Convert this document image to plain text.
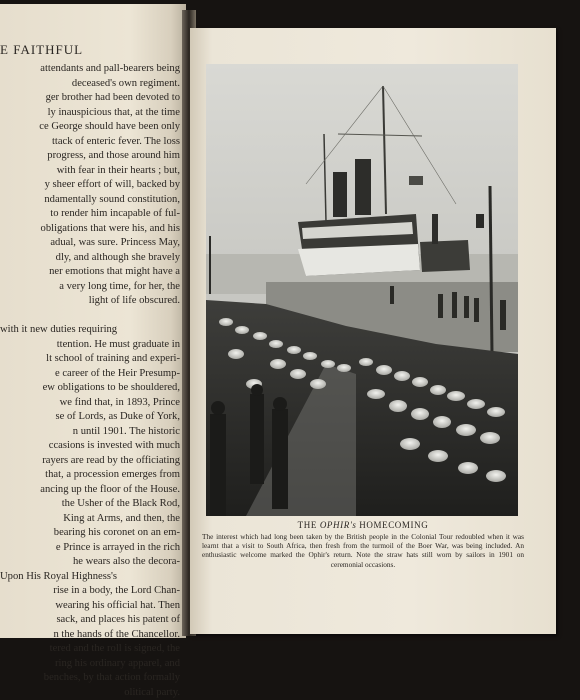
E FAITHFUL
attendants and pall-bearers being
deceased's own regiment.
ger brother had been devoted to
ly inauspicious that, at the time
ce George should have been only
ttack of enteric fever. The loss
progress, and those around him
with fear in their hearts ; but,
y sheer effort of will, backed by
ndamentally sound constitution,
to render him incapable of ful-
obligations that were his, and his
adual, was sure. Princess May,
dly, and although she bravely
ner emotions that might have a
a very long time, for her, the
light of life obscured.
with it new duties requiring
ttention. He must graduate in
lt school of training and experi-
e career of the Heir Presump-
ew obligations to be shouldered,
we find that, in 1893, Prince
se of Lords, as Duke of York,
n until 1901. The historic
ccasions is invested with much
rayers are read by the officiating
that, a procession emerges from
ancing up the floor of the House.
the Usher of the Black Rod,
King at Arms, and then, the
bearing his coronet on an em-
e Prince is arrayed in the rich
he wears also the decora-
Upon His Royal Highness's
rise in a body, the Lord Chan-
wearing his official hat. Then
sack, and places his patent of
n the hands of the Chancellor.
tered and the roll is signed, the
ring his ordinary apparel, and
benches, by that action formally
olitical party.
THE OPHIR's HOMECOMING
The interest which had long been taken by the British people in the Colonial Tour redoubled when it was learnt that a visit to South Africa, then fresh from the turmoil of the Boer War, was being included. An enthusiastic welcome marked the Ophir's return. Note the straw hats still worn by sailors in 1901 on ceremonial occasions.
